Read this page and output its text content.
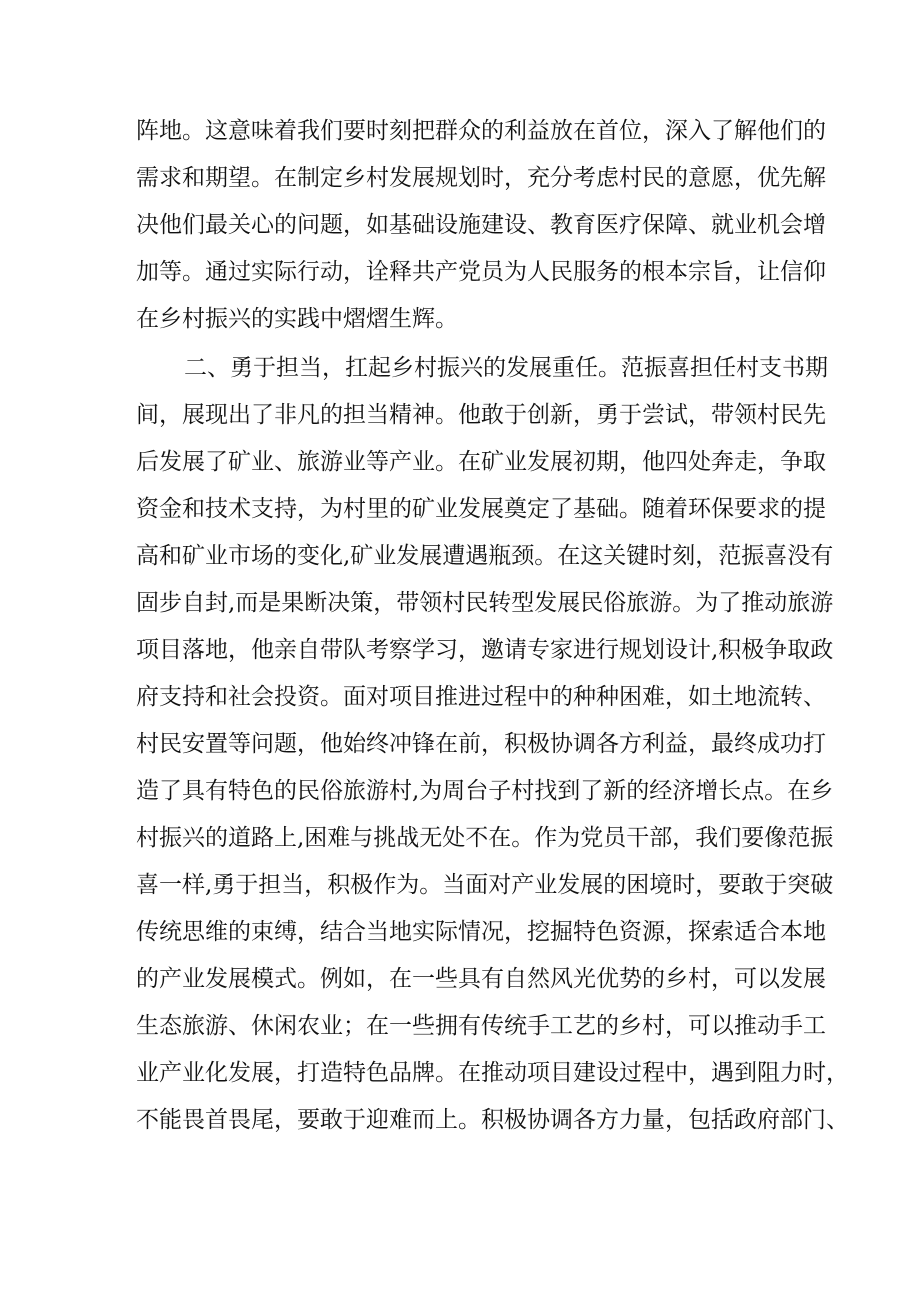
阵地。这意味着我们要时刻把群众的利益放在首位，深入了解他们的
需求和期望。在制定乡村发展规划时，充分考虑村民的意愿，优先解
决他们最关心的问题，如基础设施建设、教育医疗保障、就业机会增
加等。通过实际行动，诠释共产党员为人民服务的根本宗旨，让信仰
在乡村振兴的实践中熠熠生辉。
二、勇于担当，扛起乡村振兴的发展重任。范振喜担任村支书期
间，展现出了非凡的担当精神。他敢于创新，勇于尝试，带领村民先
后发展了矿业、旅游业等产业。在矿业发展初期，他四处奔走，争取
资金和技术支持，为村里的矿业发展奠定了基础。随着环保要求的提
高和矿业市场的变化,矿业发展遭遇瓶颈。在这关键时刻，范振喜没有
固步自封,而是果断决策，带领村民转型发展民俗旅游。为了推动旅游
项目落地，他亲自带队考察学习，邀请专家进行规划设计,积极争取政
府支持和社会投资。面对项目推进过程中的种种困难，如土地流转、
村民安置等问题，他始终冲锋在前，积极协调各方利益，最终成功打
造了具有特色的民俗旅游村,为周台子村找到了新的经济增长点。在乡
村振兴的道路上,困难与挑战无处不在。作为党员干部，我们要像范振
喜一样,勇于担当，积极作为。当面对产业发展的困境时，要敢于突破
传统思维的束缚，结合当地实际情况，挖掘特色资源，探索适合本地
的产业发展模式。例如，在一些具有自然风光优势的乡村，可以发展
生态旅游、休闲农业；在一些拥有传统手工艺的乡村，可以推动手工
业产业化发展，打造特色品牌。在推动项目建设过程中，遇到阻力时，
不能畏首畏尾，要敢于迎难而上。积极协调各方力量，包括政府部门、
